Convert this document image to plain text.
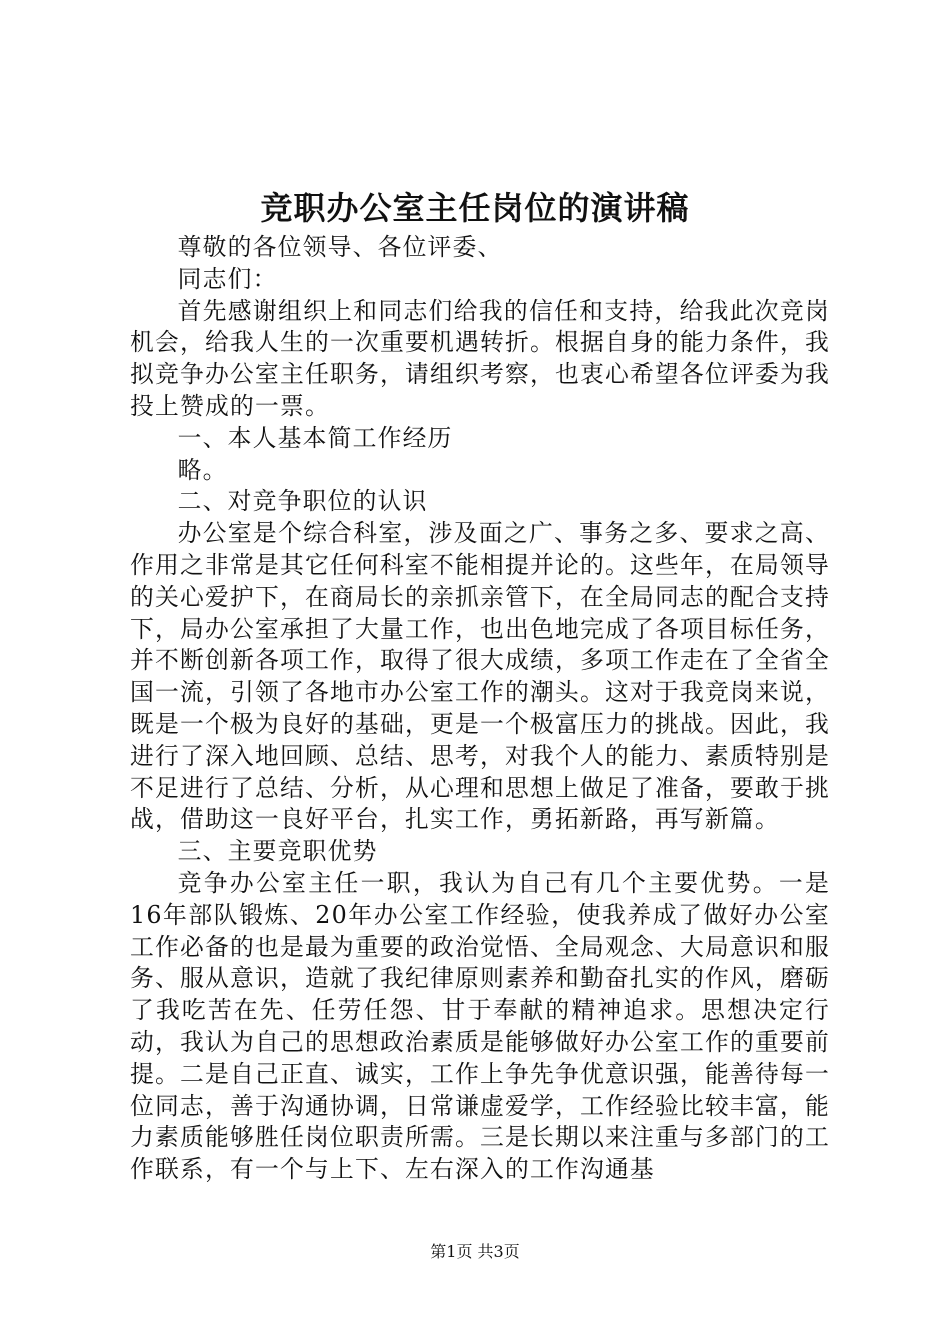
竞职办公室主任岗位的演讲稿

尊敬的各位领导、各位评委、

同志们：

首先感谢组织上和同志们给我的信任和支持，给我此次竞岗机会，给我人生的一次重要机遇转折。根据自身的能力条件，我拟竞争办公室主任职务，请组织考察，也衷心希望各位评委为我投上赞成的一票。

一、本人基本简工作经历

略。

二、对竞争职位的认识

办公室是个综合科室，涉及面之广、事务之多、要求之高、作用之非常是其它任何科室不能相提并论的。这些年，在局领导的关心爱护下，在商局长的亲抓亲管下，在全局同志的配合支持下，局办公室承担了大量工作，也出色地完成了各项目标任务，并不断创新各项工作，取得了很大成绩，多项工作走在了全省全国一流，引领了各地市办公室工作的潮头。这对于我竞岗来说，既是一个极为良好的基础，更是一个极富压力的挑战。因此，我进行了深入地回顾、总结、思考，对我个人的能力、素质特别是不足进行了总结、分析，从心理和思想上做足了准备，要敢于挑战，借助这一良好平台，扎实工作，勇拓新路，再写新篇。

三、主要竞职优势

竞争办公室主任一职，我认为自己有几个主要优势。一是16年部队锻炼、20年办公室工作经验，使我养成了做好办公室工作必备的也是最为重要的政治觉悟、全局观念、大局意识和服务、服从意识，造就了我纪律原则素养和勤奋扎实的作风，磨砺了我吃苦在先、任劳任怨、甘于奉献的精神追求。思想决定行动，我认为自己的思想政治素质是能够做好办公室工作的重要前提。二是自己正直、诚实，工作上争先争优意识强，能善待每一位同志，善于沟通协调，日常谦虚爱学，工作经验比较丰富，能力素质能够胜任岗位职责所需。三是长期以来注重与多部门的工作联系，有一个与上下、左右深入的工作沟通基

第1页 共3页
